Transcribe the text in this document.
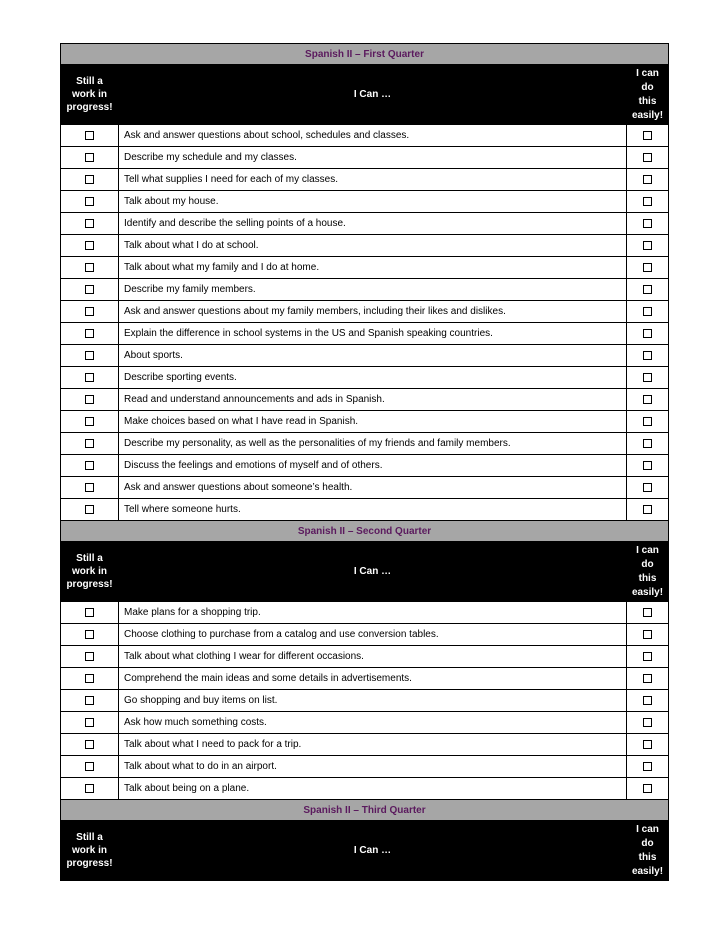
Spanish II – First Quarter		

Still a
work in
progress!	I Can …	I can
do
this
easily!

	Ask and answer questions about school, schedules and classes.	
	Describe my schedule and my classes.	
	Tell what supplies I need for each of my classes.	
	Talk about my house.	
	Identify and describe the selling points of a house.	
	Talk about what I do at school.	
	Talk about what my family and I do at home.	
	Describe my family members.	
	Ask and answer questions about my family members, including their likes and dislikes.	
	Explain the difference in school systems in the US and Spanish speaking countries.	
	About sports.	
	Describe sporting events.	
	Read and understand announcements and ads in Spanish.	
	Make choices based on what I have read in Spanish.	
	Describe my personality, as well as the personalities of my friends and family members.	
	Discuss the feelings and emotions of myself and of others.	
	Ask and answer questions about someone’s health.	
	Tell where someone hurts.	
Spanish II – Second Quarter		

Still a
work in
progress!	I Can …	I can
do
this
easily!

	Make plans for a shopping trip.	
	Choose clothing to purchase from a catalog and use conversion tables.	
	Talk about what clothing I wear for different occasions.	
	Comprehend the main ideas and some details in advertisements.	
	Go shopping and buy items on list.	
	Ask how much something costs.	
	Talk about what I need to pack for a trip.	
	Talk about what to do in an airport.	
	Talk about being on a plane.	
Spanish II – Third Quarter		

Still a
work in
progress!	I Can …	I can
do
this
easily!
